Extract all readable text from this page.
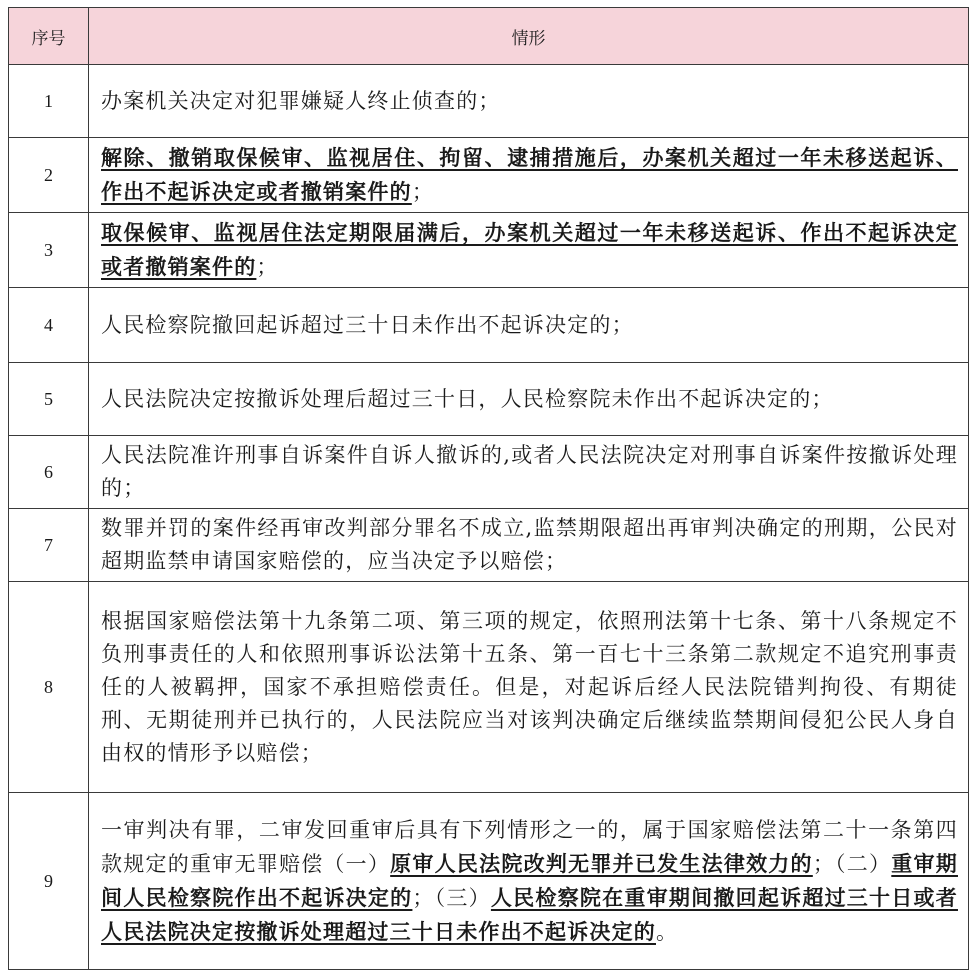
序号	情形
1	办案机关决定对犯罪嫌疑人终止侦查的；
2	解除、撤销取保候审、监视居住、拘留、逮捕措施后，办案机关超过一年未移送起诉、作出不起诉决定或者撤销案件的；
3	取保候审、监视居住法定期限届满后，办案机关超过一年未移送起诉、作出不起诉决定或者撤销案件的；
4	人民检察院撤回起诉超过三十日未作出不起诉决定的；
5	人民法院决定按撤诉处理后超过三十日，人民检察院未作出不起诉决定的；
6	人民法院准许刑事自诉案件自诉人撤诉的,或者人民法院决定对刑事自诉案件按撤诉处理的；
7	数罪并罚的案件经再审改判部分罪名不成立,监禁期限超出再审判决确定的刑期，公民对超期监禁申请国家赔偿的，应当决定予以赔偿；
8	根据国家赔偿法第十九条第二项、第三项的规定，依照刑法第十七条、第十八条规定不负刑事责任的人和依照刑事诉讼法第十五条、第一百七十三条第二款规定不追究刑事责任的人被羁押，国家不承担赔偿责任。但是，对起诉后经人民法院错判拘役、有期徒刑、无期徒刑并已执行的，人民法院应当对该判决确定后继续监禁期间侵犯公民人身自由权的情形予以赔偿；
9	一审判决有罪，二审发回重审后具有下列情形之一的，属于国家赔偿法第二十一条第四款规定的重审无罪赔偿（一）原审人民法院改判无罪并已发生法律效力的；（二）重审期间人民检察院作出不起诉决定的；（三）人民检察院在重审期间撤回起诉超过三十日或者人民法院决定按撤诉处理超过三十日未作出不起诉决定的。
